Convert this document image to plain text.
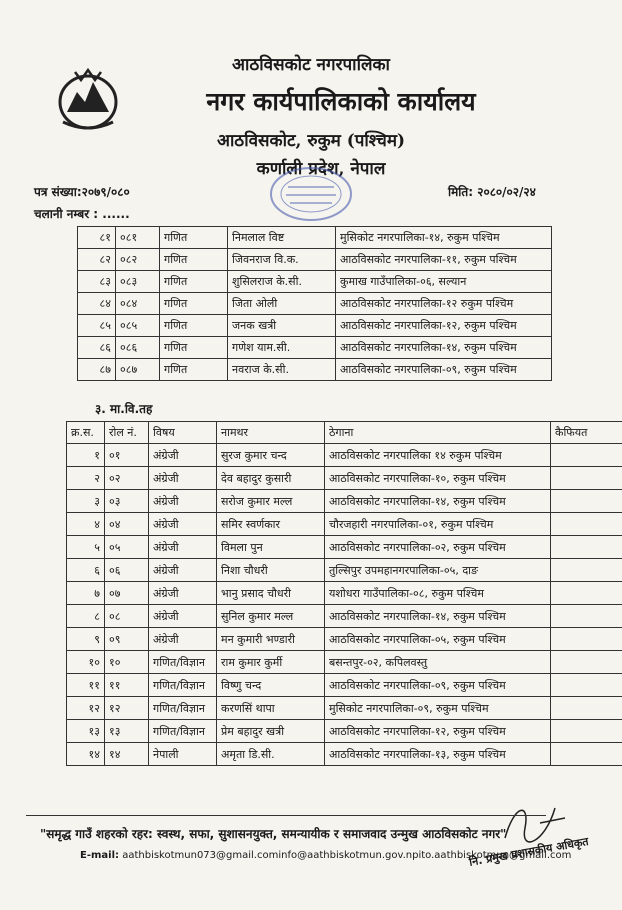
आठविसकोट नगरपालिका
नगर कार्यपालिकाको कार्यालय
आठविसकोट, रुकुम (पश्चिम)
कर्णाली प्रदेश, नेपाल
पत्र संख्या:२०७९/०८०
चलानी नम्बर : ......
मिति: २०८०/०२/२४
८१	०८१	गणित	निमलाल विष्ट	मुसिकोट नगरपालिका-१४, रुकुम पश्चिम
८२	०८२	गणित	जिवनराज वि.क.	आठविसकोट नगरपालिका-११, रुकुम पश्चिम
८३	०८३	गणित	शुसिलराज के.सी.	कुमाख गाउँपालिका-०६, सल्यान
८४	०८४	गणित	जिता ओली	आठविसकोट नगरपालिका-१२ रुकुम पश्चिम
८५	०८५	गणित	जनक खत्री	आठविसकोट नगरपालिका-१२, रुकुम पश्चिम
८६	०८६	गणित	गणेश याम.सी.	आठविसकोट नगरपालिका-१४, रुकुम पश्चिम
८७	०८७	गणित	नवराज के.सी.	आठविसकोट नगरपालिका-०९, रुकुम पश्चिम
३. मा.वि.तह
क्र.स.	रोल नं.	विषय	नामथर	ठेगाना	कैफियत
१	०१	अंग्रेजी	सुरज कुमार चन्द	आठविसकोट नगरपालिका १४ रुकुम पश्चिम	
२	०२	अंग्रेजी	देव बहादुर कुसारी	आठविसकोट नगरपालिका-१०, रुकुम पश्चिम	
३	०३	अंग्रेजी	सरोज कुमार मल्ल	आठविसकोट नगरपालिका-१४, रुकुम पश्चिम	
४	०४	अंग्रेजी	समिर स्वर्णकार	चौरजहारी नगरपालिका-०१, रुकुम पश्चिम	
५	०५	अंग्रेजी	विमला पुन	आठविसकोट नगरपालिका-०२, रुकुम पश्चिम	
६	०६	अंग्रेजी	निशा चौधरी	तुल्सिपुर उपमहानगरपालिका-०५, दाङ	
७	०७	अंग्रेजी	भानु प्रसाद चौधरी	यशोधरा गाउँपालिका-०८, रुकुम पश्चिम	
८	०८	अंग्रेजी	सुनिल कुमार मल्ल	आठविसकोट नगरपालिका-१४, रुकुम पश्चिम	
९	०९	अंग्रेजी	मन कुमारी भण्डारी	आठविसकोट नगरपालिका-०५, रुकुम पश्चिम	
१०	१०	गणित/विज्ञान	राम कुमार कुर्मी	बसन्तपुर-०२, कपिलवस्तु	
११	११	गणित/विज्ञान	विष्णु चन्द	आठविसकोट नगरपालिका-०९, रुकुम पश्चिम	
१२	१२	गणित/विज्ञान	करणसिं थापा	मुसिकोट नगरपालिका-०९, रुकुम पश्चिम	
१३	१३	गणित/विज्ञान	प्रेम बहादुर खत्री	आठविसकोट नगरपालिका-१२, रुकुम पश्चिम	
१४	१४	नेपाली	अमृता डि.सी.	आठविसकोट नगरपालिका-१३, रुकुम पश्चिम	
"समृद्ध गाउँ शहरको रहर: स्वस्थ, सफा, सुशासनयुक्त, समन्यायीक र समाजवाद उन्मुख आठविसकोट नगर"
E-mail: aathbiskotmun073@gmail.cominfo@aathbiskotmun.gov.npito.aathbiskotmun@gmail.com
नि. प्रमुख प्रशासकीय अधिकृत
